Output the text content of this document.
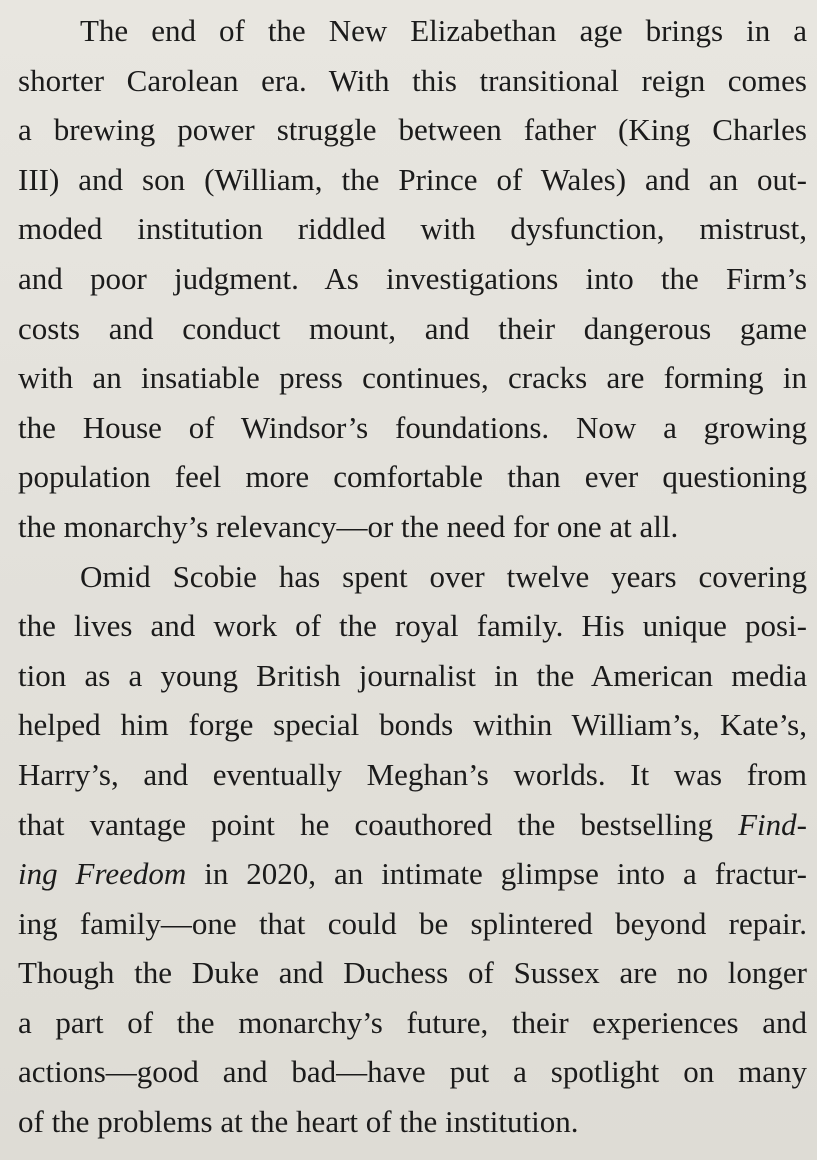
The end of the New Elizabethan age brings in a
shorter Carolean era. With this transitional reign comes
a brewing power struggle between father (King Charles
III) and son (William, the Prince of Wales) and an out-
moded institution riddled with dysfunction, mistrust,
and poor judgment. As investigations into the Firm’s
costs and conduct mount, and their dangerous game
with an insatiable press continues, cracks are forming in
the House of Windsor’s foundations. Now a growing
population feel more comfortable than ever questioning
the monarchy’s relevancy—or the need for one at all.
Omid Scobie has spent over twelve years covering
the lives and work of the royal family. His unique posi-
tion as a young British journalist in the American media
helped him forge special bonds within William’s, Kate’s,
Harry’s, and eventually Meghan’s worlds. It was from
that vantage point he coauthored the bestselling Find-
ing Freedom in 2020, an intimate glimpse into a fractur-
ing family—one that could be splintered beyond repair.
Though the Duke and Duchess of Sussex are no longer
a part of the monarchy’s future, their experiences and
actions—good and bad—have put a spotlight on many
of the problems at the heart of the institution.
